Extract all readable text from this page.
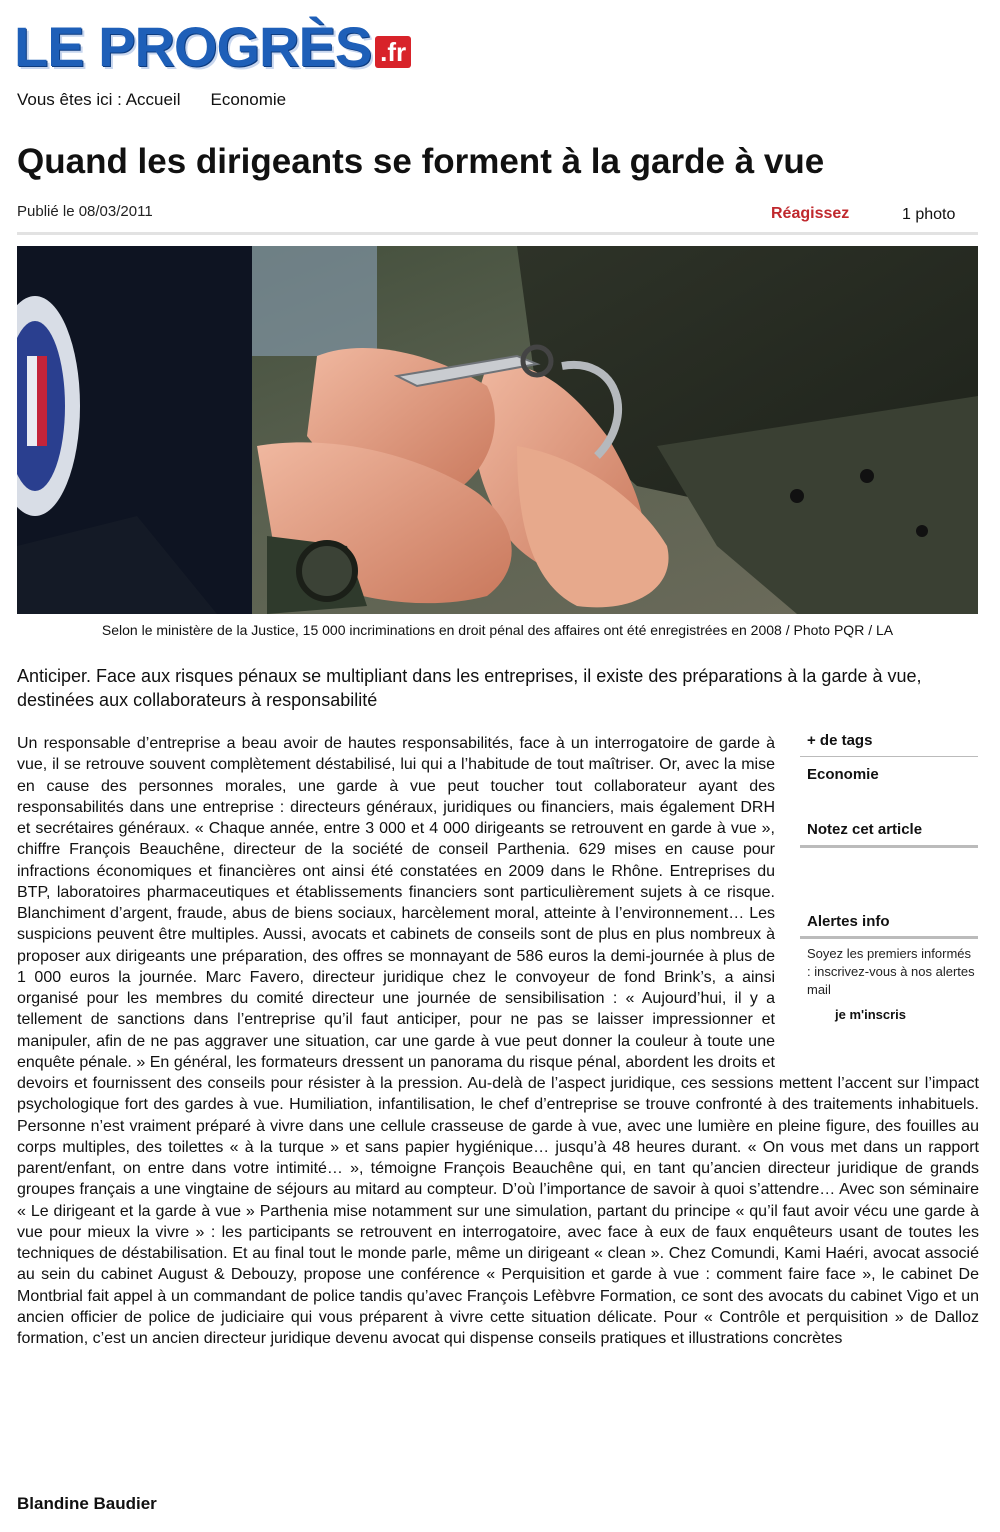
LE PROGRÈS .fr
Vous êtes ici : Accueil Economie
Quand les dirigeants se forment à la garde à vue
Publié le 08/03/2011	Réagissez	1 photo
Selon le ministère de la Justice, 15 000 incriminations en droit pénal des affaires ont été enregistrées en 2008 / Photo PQR / LA
Anticiper. Face aux risques pénaux se multipliant dans les entreprises, il existe des préparations à la garde à vue, destinées aux collaborateurs à responsabilité
Un responsable d’entreprise a beau avoir de hautes responsabilités, face à un interrogatoire de garde à vue, il se retrouve souvent complètement déstabilisé, lui qui a l’habitude de tout maîtriser. Or, avec la mise en cause des personnes morales, une garde à vue peut toucher tout collaborateur ayant des responsabilités dans une entreprise : directeurs généraux, juridiques ou financiers, mais également DRH et secrétaires généraux. « Chaque année, entre 3 000 et 4 000 dirigeants se retrouvent en garde à vue », chiffre François Beauchêne, directeur de la société de conseil Parthenia. 629 mises en cause pour infractions économiques et financières ont ainsi été constatées en 2009 dans le Rhône. Entreprises du BTP, laboratoires pharmaceutiques et établissements financiers sont particulièrement sujets à ce risque. Blanchiment d’argent, fraude, abus de biens sociaux, harcèlement moral, atteinte à l’environnement… Les suspicions peuvent être multiples. Aussi, avocats et cabinets de conseils sont de plus en plus nombreux à proposer aux dirigeants une préparation, des offres se monnayant de 586 euros la demi-journée à plus de 1 000 euros la journée. Marc Favero, directeur juridique chez le convoyeur de fond Brink’s, a ainsi organisé pour les membres du comité directeur une journée de sensibilisation : « Aujourd’hui, il y a tellement de sanctions dans l’entreprise qu’il faut anticiper, pour ne pas se laisser impressionner et manipuler, afin de ne pas aggraver une situation, car une garde à vue peut donner la couleur à toute une enquête pénale. » En général, les formateurs dressent un panorama du risque pénal, abordent les droits et devoirs et fournissent des conseils pour résister à la pression. Au-delà de l’aspect juridique, ces sessions mettent l’accent sur l’impact psychologique fort des gardes à vue. Humiliation, infantilisation, le chef d’entreprise se trouve confronté à des traitements inhabituels. Personne n’est vraiment préparé à vivre dans une cellule crasseuse de garde à vue, avec une lumière en pleine figure, des fouilles au corps multiples, des toilettes « à la turque » et sans papier hygiénique… jusqu’à 48 heures durant. « On vous met dans un rapport parent/enfant, on entre dans votre intimité… », témoigne François Beauchêne qui, en tant qu’ancien directeur juridique de grands groupes français a une vingtaine de séjours au mitard au compteur. D’où l’importance de savoir à quoi s’attendre… Avec son séminaire « Le dirigeant et la garde à vue » Parthenia mise notamment sur une simulation, partant du principe « qu’il faut avoir vécu une garde à vue pour mieux la vivre » : les participants se retrouvent en interrogatoire, avec face à eux de faux enquêteurs usant de toutes les techniques de déstabilisation. Et au final tout le monde parle, même un dirigeant « clean ». Chez Comundi, Kami Haéri, avocat associé au sein du cabinet August & Debouzy, propose une conférence « Perquisition et garde à vue : comment faire face », le cabinet De Montbrial fait appel à un commandant de police tandis qu’avec François Lefèbvre Formation, ce sont des avocats du cabinet Vigo et un ancien officier de police de judiciaire qui vous préparent à vivre cette situation délicate. Pour « Contrôle et perquisition » de Dalloz formation, c’est un ancien directeur juridique devenu avocat qui dispense conseils pratiques et illustrations concrètes
+ de tags
Economie
Notez cet article
Alertes info
Soyez les premiers informés : inscrivez-vous à nos alertes mail
je m'inscris
Blandine Baudier
